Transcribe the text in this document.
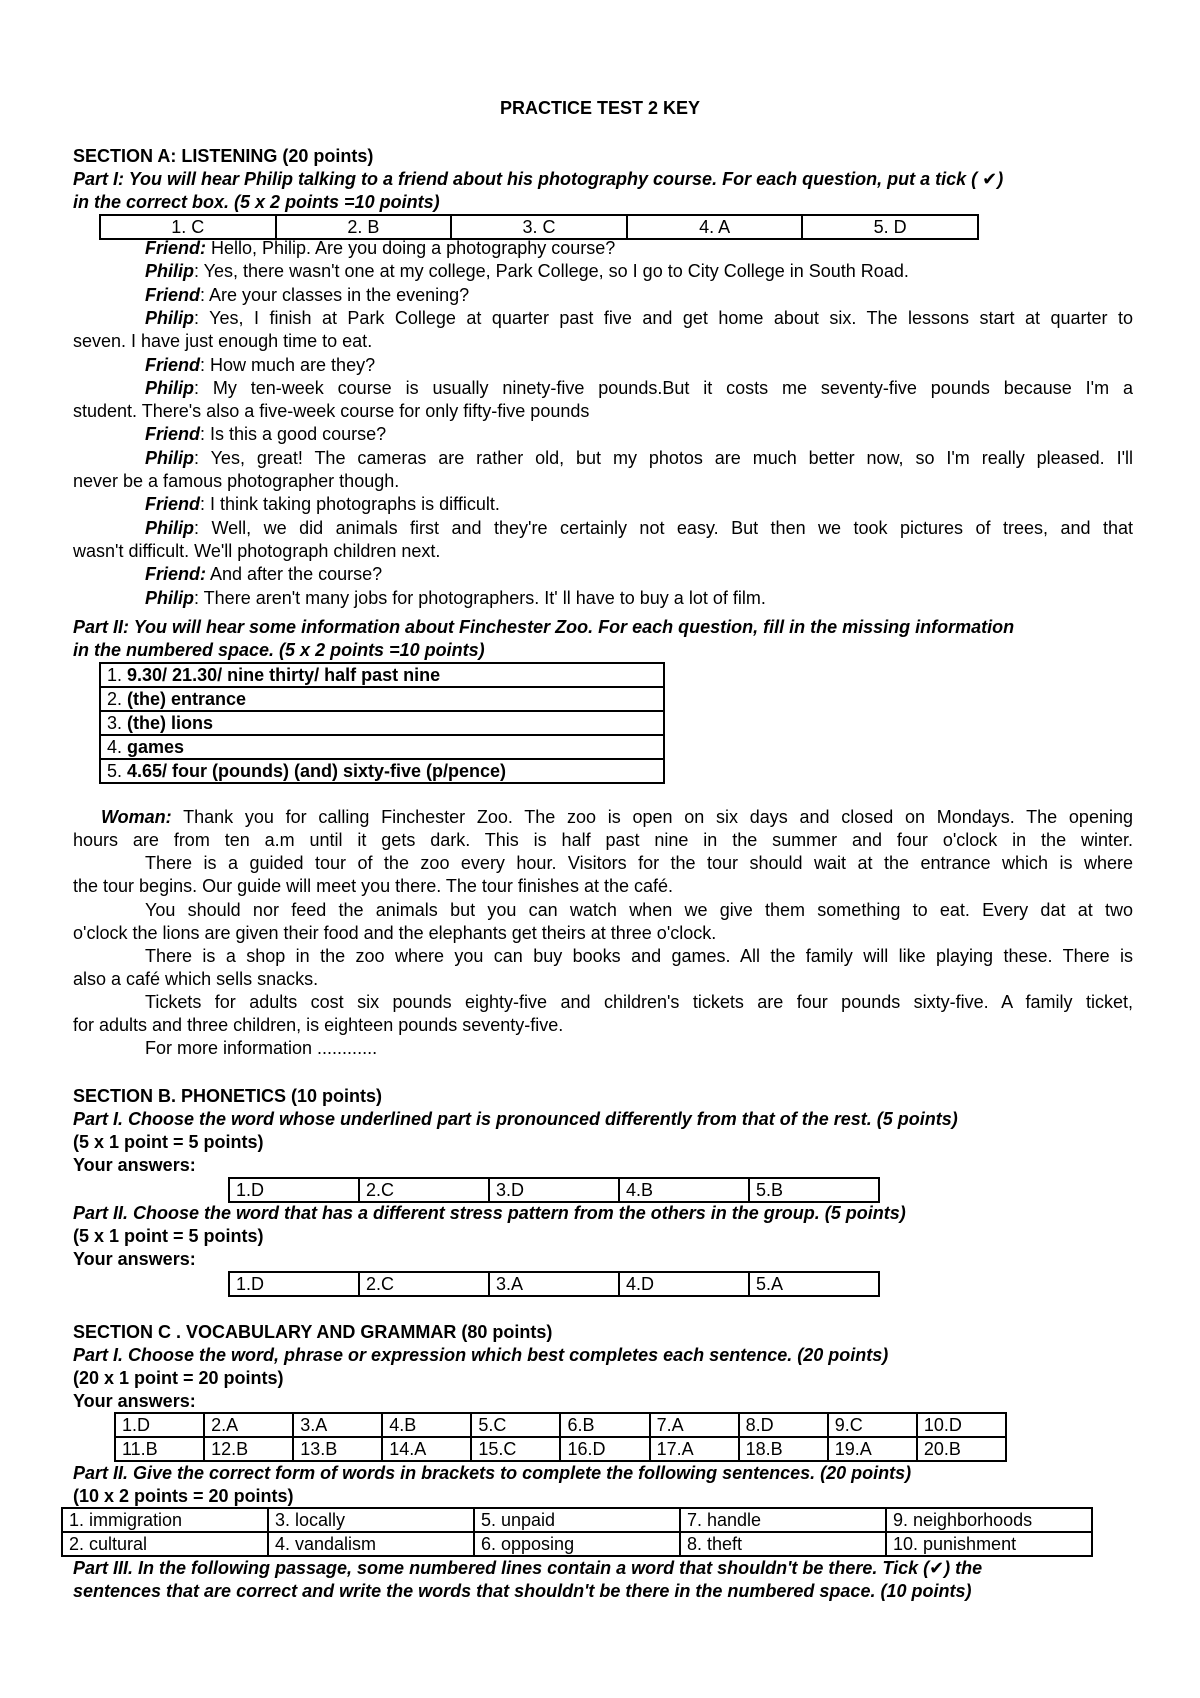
PRACTICE TEST 2 KEY
SECTION A: LISTENING (20 points)
Part I: You will hear Philip talking to a friend about his photography course. For each question, put a tick ( ✔)
in the correct box. (5 x 2 points =10 points)
1. C	2. B	3. C	4. A	5. D
Friend: Hello, Philip. Are you doing a photography course?
Philip: Yes, there wasn't one at my college, Park College, so I go to City College in South Road.
Friend: Are your classes in the evening?
Philip: Yes, I finish at Park College at quarter past five and get home about six. The lessons start at quarter to
seven. I have just enough time to eat.
Friend: How much are they?
Philip: My ten-week course is usually ninety-five pounds.But it costs me seventy-five pounds because I'm a
student. There's also a five-week course for only fifty-five pounds
Friend: Is this a good course?
Philip: Yes, great! The cameras are rather old, but my photos are much better now, so I'm really pleased. I'll
never be a famous photographer though.
Friend: I think taking photographs is difficult.
Philip: Well, we did animals first and they're certainly not easy. But then we took pictures of trees, and that
wasn't difficult. We'll photograph children next.
Friend: And after the course?
Philip: There aren't many jobs for photographers. It' ll have to buy a lot of film.
Part II: You will hear some information about Finchester Zoo. For each question, fill in the missing information
in the numbered space. (5 x 2 points =10 points)
1. 9.30/ 21.30/ nine thirty/ half past nine
2. (the) entrance
3. (the) lions
4. games
5. 4.65/ four (pounds) (and) sixty-five (p/pence)
Woman: Thank you for calling Finchester Zoo. The zoo is open on six days and closed on Mondays. The opening
hours are from ten a.m until it gets dark. This is half past nine in the summer and four o'clock in the winter.
There is a guided tour of the zoo every hour. Visitors for the tour should wait at the entrance which is where
the tour begins. Our guide will meet you there. The tour finishes at the café.
You should nor feed the animals but you can watch when we give them something to eat. Every dat at two
o'clock the lions are given their food and the elephants get theirs at three o'clock.
There is a shop in the zoo where you can buy books and games. All the family will like playing these. There is
also a café which sells snacks.
Tickets for adults cost six pounds eighty-five and children's tickets are four pounds sixty-five. A family ticket,
for adults and three children, is eighteen pounds seventy-five.
For more information ............
SECTION B. PHONETICS (10 points)
Part I. Choose the word whose underlined part is pronounced differently from that of the rest. (5 points)
(5 x 1 point = 5 points)
Your answers:
1.D	2.C	3.D	4.B	5.B
Part II. Choose the word that has a different stress pattern from the others in the group. (5 points)
(5 x 1 point = 5 points)
Your answers:
1.D	2.C	3.A	4.D	5.A
SECTION C . VOCABULARY AND GRAMMAR (80 points)
Part I. Choose the word, phrase or expression which best completes each sentence. (20 points)
(20 x 1 point = 20 points)
Your answers:
1.D	2.A	3.A	4.B	5.C	6.B	7.A	8.D	9.C	10.D
11.B	12.B	13.B	14.A	15.C	16.D	17.A	18.B	19.A	20.B
Part II. Give the correct form of words in brackets to complete the following sentences. (20 points)
(10 x 2 points = 20 points)
1. immigration	3. locally	5. unpaid	7. handle	9. neighborhoods
2. cultural	4. vandalism	6. opposing	8. theft	10. punishment
Part III. In the following passage, some numbered lines contain a word that shouldn't be there. Tick (✔) the
sentences that are correct and write the words that shouldn't be there in the numbered space. (10 points)
